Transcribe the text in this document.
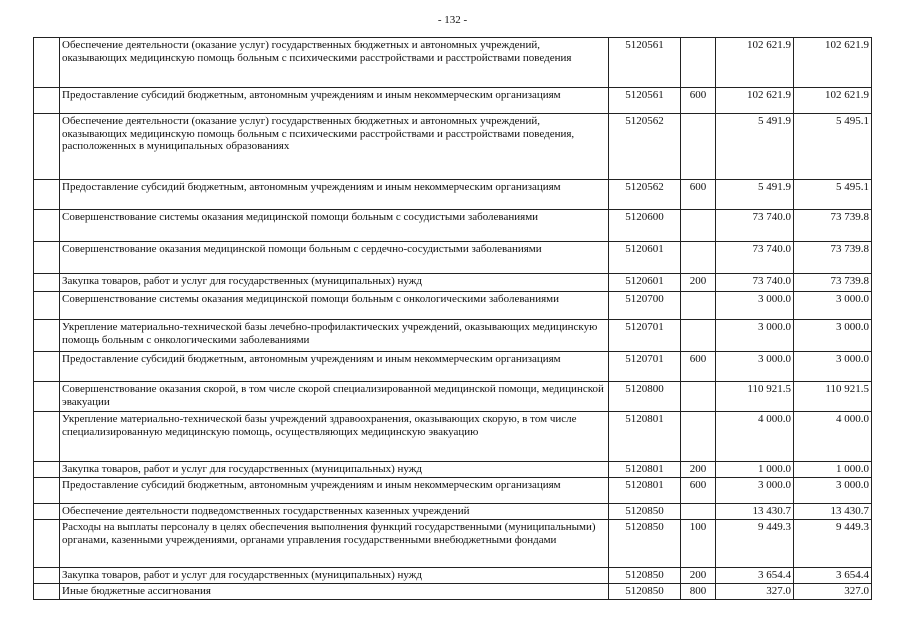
- 132 -
	Обеспечение деятельности (оказание услуг) государственных бюджетных и автономных учреждений, оказывающих медицинскую помощь больным с психическими расстройствами и расстройствами поведения	5120561		102 621.9	102 621.9
	Предоставление субсидий бюджетным, автономным учреждениям и иным некоммерческим организациям	5120561	600	102 621.9	102 621.9
	Обеспечение деятельности (оказание услуг) государственных бюджетных и автономных учреждений, оказывающих медицинскую помощь больным с психическими расстройствами и расстройствами поведения, расположенных в муниципальных образованиях	5120562		5 491.9	5 495.1
	Предоставление субсидий бюджетным, автономным учреждениям и иным некоммерческим организациям	5120562	600	5 491.9	5 495.1
	Совершенствование системы оказания медицинской помощи больным с сосудистыми заболеваниями	5120600		73 740.0	73 739.8
	Совершенствование оказания медицинской помощи больным с сердечно-сосудистыми заболеваниями	5120601		73 740.0	73 739.8
	Закупка товаров, работ и услуг для государственных (муниципальных) нужд	5120601	200	73 740.0	73 739.8
	Совершенствование системы оказания медицинской помощи больным с онкологическими заболеваниями	5120700		3 000.0	3 000.0
	Укрепление материально-технической базы лечебно-профилактических учреждений, оказывающих медицинскую помощь больным с онкологическими заболеваниями	5120701		3 000.0	3 000.0
	Предоставление субсидий бюджетным, автономным учреждениям и иным некоммерческим организациям	5120701	600	3 000.0	3 000.0
	Совершенствование оказания скорой, в том числе скорой специализированной медицинской помощи, медицинской эвакуации	5120800		110 921.5	110 921.5
	Укрепление материально-технической базы учреждений здравоохранения, оказывающих скорую, в том числе специализированную медицинскую помощь, осуществляющих медицинскую эвакуацию	5120801		4 000.0	4 000.0
	Закупка товаров, работ и услуг для государственных (муниципальных) нужд	5120801	200	1 000.0	1 000.0
	Предоставление субсидий бюджетным, автономным учреждениям и иным некоммерческим организациям	5120801	600	3 000.0	3 000.0
	Обеспечение деятельности подведомственных государственных казенных учреждений	5120850		13 430.7	13 430.7
	Расходы на выплаты персоналу в целях обеспечения выполнения функций государственными (муниципальными) органами, казенными учреждениями, органами управления государственными внебюджетными фондами	5120850	100	9 449.3	9 449.3
	Закупка товаров, работ и услуг для государственных (муниципальных) нужд	5120850	200	3 654.4	3 654.4
	Иные бюджетные ассигнования	5120850	800	327.0	327.0
